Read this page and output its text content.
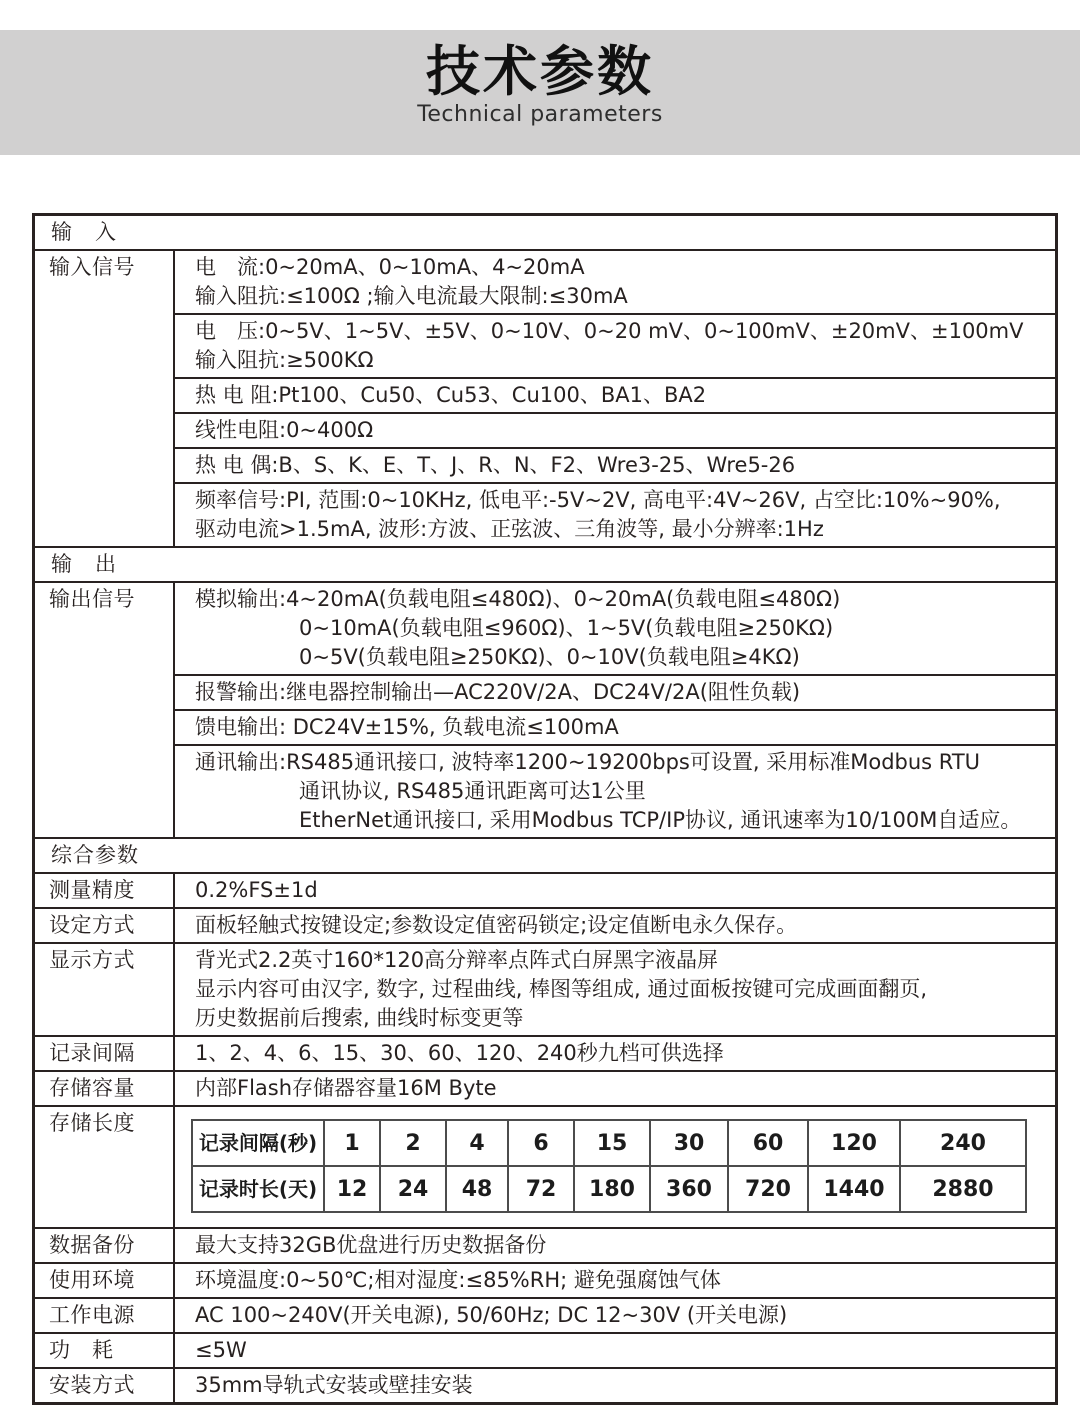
技术参数
Technical parameters
输　入
输入信号	电　流:0~20mA、0~10mA、4~20mA
输入阻抗:≤100Ω ;输入电流最大限制:≤30mA
电　压:0~5V、1~5V、±5V、0~10V、0~20 mV、0~100mV、±20mV、±100mV
输入阻抗:≥500KΩ
热 电 阻:Pt100、Cu50、Cu53、Cu100、BA1、BA2
线性电阻:0~400Ω
热 电 偶:B、S、K、E、T、J、R、N、F2、Wre3-25、Wre5-26
频率信号:PI, 范围:0~10KHz, 低电平:-5V~2V, 高电平:4V~26V, 占空比:10%~90%,
驱动电流>1.5mA, 波形:方波、正弦波、三角波等, 最小分辨率:1Hz
输　出
输出信号	模拟输出:4~20mA(负载电阻≤480Ω)、0~20mA(负载电阻≤480Ω)
0~10mA(负载电阻≤960Ω)、1~5V(负载电阻≥250KΩ)
0~5V(负载电阻≥250KΩ)、0~10V(负载电阻≥4KΩ)
报警输出:继电器控制输出—AC220V/2A、DC24V/2A(阻性负载)
馈电输出: DC24V±15%, 负载电流≤100mA
通讯输出:RS485通讯接口, 波特率1200~19200bps可设置, 采用标准Modbus RTU
通讯协议, RS485通讯距离可达1公里
EtherNet通讯接口, 采用Modbus TCP/IP协议, 通讯速率为10/100M自适应。
综合参数
测量精度	0.2%FS±1d
设定方式	面板轻触式按键设定;参数设定值密码锁定;设定值断电永久保存。
显示方式	背光式2.2英寸160*120高分辩率点阵式白屏黑字液晶屏
显示内容可由汉字, 数字, 过程曲线, 棒图等组成, 通过面板按键可完成画面翻页,
历史数据前后搜索, 曲线时标变更等
记录间隔	1、2、4、6、15、30、60、120、240秒九档可供选择
存储容量	内部Flash存储器容量16M Byte
存储长度
记录间隔(秒)	1	2	4	6	15	30	60	120	240
记录时长(天)	12	24	48	72	180	360	720	1440	2880
数据备份	最大支持32GB优盘进行历史数据备份
使用环境	环境温度:0~50℃;相对湿度:≤85%RH; 避免强腐蚀气体
工作电源	AC 100~240V(开关电源), 50/60Hz; DC 12~30V (开关电源)
功　耗	≤5W
安装方式	35mm导轨式安装或壁挂安装
